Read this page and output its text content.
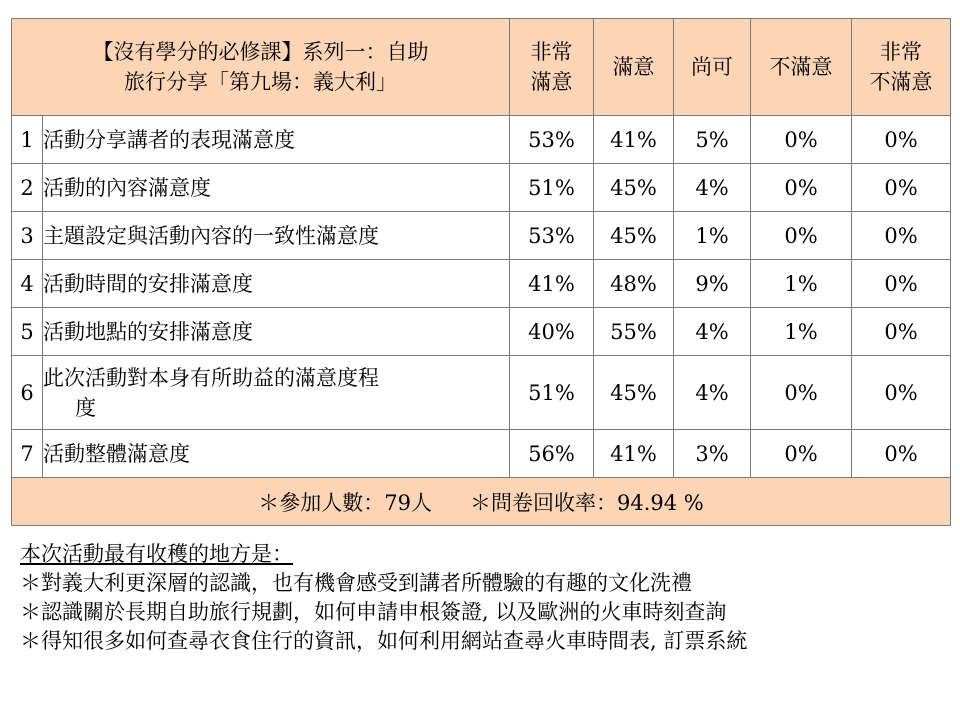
【沒有學分的必修課】系列一：自助
旅行分享「第九場：義大利」		非常
滿意	滿意	尚可	不滿意	非常
不滿意
1	活動分享講者的表現滿意度	53%	41%	5%	0%	0%
2	活動的內容滿意度	51%	45%	4%	0%	0%
3	主題設定與活動內容的一致性滿意度	53%	45%	1%	0%	0%
4	活動時間的安排滿意度	41%	48%	9%	1%	0%
5	活動地點的安排滿意度	40%	55%	4%	1%	0%
6	此次活動對本身有所助益的滿意度程
度	51%	45%	4%	0%	0%
7	活動整體滿意度	56%	41%	3%	0%	0%
＊參加人數：79人 ＊問卷回收率：94.94 %						
本次活動最有收穫的地方是：
＊對義大利更深層的認識，也有機會感受到講者所體驗的有趣的文化洗禮
＊認識關於長期自助旅行規劃，如何申請申根簽證, 以及歐洲的火車時刻查詢
＊得知很多如何查尋衣食住行的資訊，如何利用網站查尋火車時間表, 訂票系統
